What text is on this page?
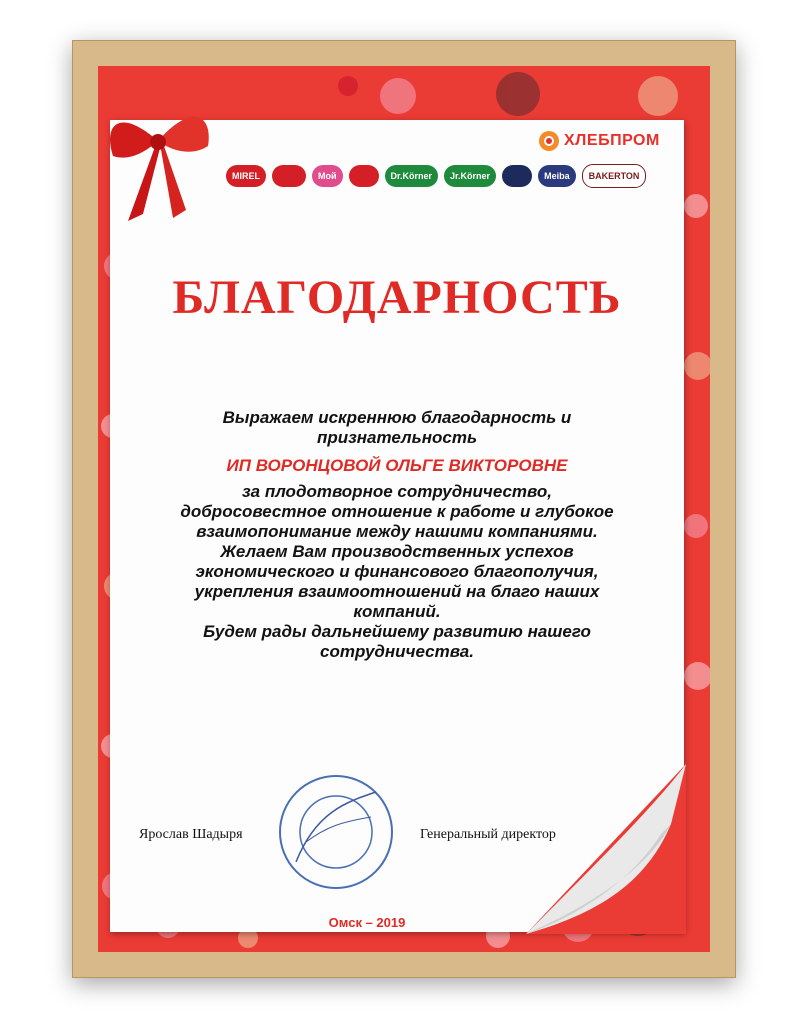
ХЛЕБПРОМ
MIREL	Мой	Dr.Körner	Jr.Körner	Meiba	BAKERTON
БЛАГОДАРНОСТЬ

Выражаем искреннюю благодарность и признательность

ИП ВОРОНЦОВОЙ ОЛЬГЕ ВИКТОРОВНЕ

за плодотворное сотрудничество, добросовестное отношение к работе и глубокое взаимопонимание между нашими компаниями.

Желаем Вам производственных успехов экономического и финансового благополучия, укрепления взаимоотношений на благо наших компаний.

Будем рады дальнейшему развитию нашего сотрудничества.

Ярослав Шадыря	Генеральный директор
Омск – 2019
